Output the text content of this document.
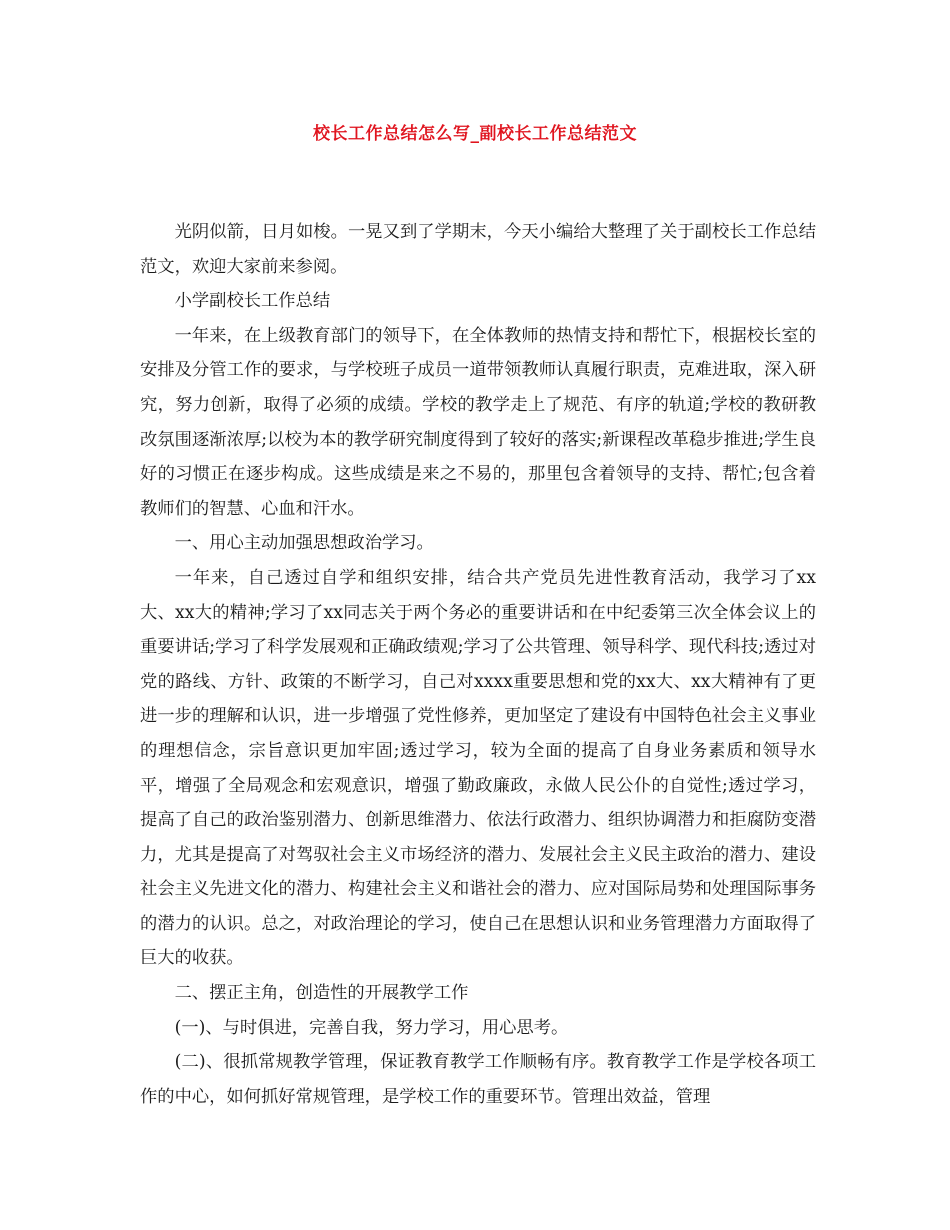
校长工作总结怎么写_副校长工作总结范文

光阴似箭，日月如梭。一晃又到了学期末，今天小编给大整理了关于副校长工作总结范文，欢迎大家前来参阅。

小学副校长工作总结

一年来，在上级教育部门的领导下，在全体教师的热情支持和帮忙下，根据校长室的安排及分管工作的要求，与学校班子成员一道带领教师认真履行职责，克难进取，深入研究，努力创新，取得了必须的成绩。学校的教学走上了规范、有序的轨道;学校的教研教改氛围逐渐浓厚;以校为本的教学研究制度得到了较好的落实;新课程改革稳步推进;学生良好的习惯正在逐步构成。这些成绩是来之不易的，那里包含着领导的支持、帮忙;包含着教师们的智慧、心血和汗水。

一、用心主动加强思想政治学习。

一年来，自己透过自学和组织安排，结合共产党员先进性教育活动，我学习了xx大、xx大的精神;学习了xx同志关于两个务必的重要讲话和在中纪委第三次全体会议上的重要讲话;学习了科学发展观和正确政绩观;学习了公共管理、领导科学、现代科技;透过对党的路线、方针、政策的不断学习，自己对xxxx重要思想和党的xx大、xx大精神有了更进一步的理解和认识，进一步增强了党性修养，更加坚定了建设有中国特色社会主义事业的理想信念，宗旨意识更加牢固;透过学习，较为全面的提高了自身业务素质和领导水平，增强了全局观念和宏观意识，增强了勤政廉政，永做人民公仆的自觉性;透过学习，提高了自己的政治鉴别潜力、创新思维潜力、依法行政潜力、组织协调潜力和拒腐防变潜力，尤其是提高了对驾驭社会主义市场经济的潜力、发展社会主义民主政治的潜力、建设社会主义先进文化的潜力、构建社会主义和谐社会的潜力、应对国际局势和处理国际事务的潜力的认识。总之，对政治理论的学习，使自己在思想认识和业务管理潜力方面取得了巨大的收获。

二、摆正主角，创造性的开展教学工作

(一)、与时俱进，完善自我，努力学习，用心思考。

(二)、很抓常规教学管理，保证教育教学工作顺畅有序。教育教学工作是学校各项工作的中心，如何抓好常规管理，是学校工作的重要环节。管理出效益，管理
